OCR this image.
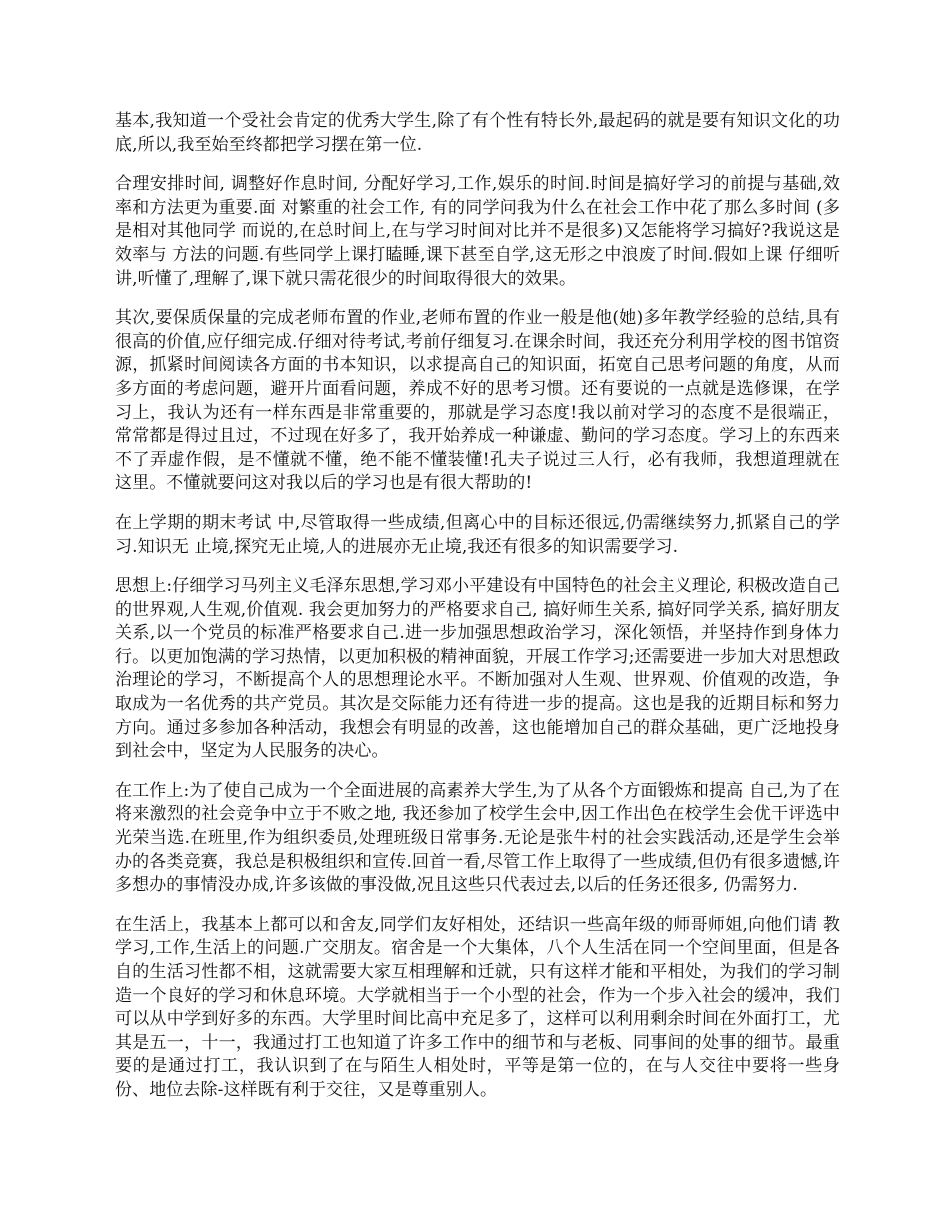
基本,我知道一个受社会肯定的优秀大学生,除了有个性有特长外,最起码的就是要有知识文化的功底,所以,我至始至终都把学习摆在第一位.

合理安排时间, 调整好作息时间, 分配好学习,工作,娱乐的时间.时间是搞好学习的前提与基础,效率和方法更为重要.面 对繁重的社会工作, 有的同学问我为什么在社会工作中花了那么多时间 (多是相对其他同学 而说的,在总时间上,在与学习时间对比并不是很多)又怎能将学习搞好?我说这是效率与 方法的问题.有些同学上课打瞌睡,课下甚至自学,这无形之中浪废了时间.假如上课 仔细听讲,听懂了,理解了,课下就只需花很少的时间取得很大的效果。

其次,要保质保量的完成老师布置的作业,老师布置的作业一般是他(她)多年教学经验的总结,具有很高的价值,应仔细完成.仔细对待考试,考前仔细复习.在课余时间，我还充分利用学校的图书馆资源，抓紧时间阅读各方面的书本知识，以求提高自己的知识面，拓宽自己思考问题的角度，从而多方面的考虑问题，避开片面看问题，养成不好的思考习惯。还有要说的一点就是选修课，在学习上，我认为还有一样东西是非常重要的，那就是学习态度!我以前对学习的态度不是很端正，常常都是得过且过，不过现在好多了，我开始养成一种谦虚、勤问的学习态度。学习上的东西来不了弄虚作假，是不懂就不懂，绝不能不懂装懂!孔夫子说过三人行，必有我师，我想道理就在这里。不懂就要问这对我以后的学习也是有很大帮助的!

在上学期的期末考试 中,尽管取得一些成绩,但离心中的目标还很远,仍需继续努力,抓紧自己的学习.知识无 止境,探究无止境,人的进展亦无止境,我还有很多的知识需要学习.

思想上:仔细学习马列主义毛泽东思想,学习邓小平建设有中国特色的社会主义理论, 积极改造自己的世界观,人生观,价值观. 我会更加努力的严格要求自己, 搞好师生关系, 搞好同学关系, 搞好朋友关系,以一个党员的标准严格要求自己.进一步加强思想政治学习，深化领悟，并坚持作到身体力行。以更加饱满的学习热情，以更加积极的精神面貌，开展工作学习;还需要进一步加大对思想政治理论的学习，不断提高个人的思想理论水平。不断加强对人生观、世界观、价值观的改造，争取成为一名优秀的共产党员。其次是交际能力还有待进一步的提高。这也是我的近期目标和努力方向。通过多参加各种活动，我想会有明显的改善，这也能增加自己的群众基础，更广泛地投身到社会中，坚定为人民服务的决心。

在工作上:为了使自己成为一个全面进展的高素养大学生,为了从各个方面锻炼和提高 自己,为了在将来激烈的社会竞争中立于不败之地, 我还参加了校学生会中,因工作出色在校学生会优干评选中光荣当选.在班里,作为组织委员,处理班级日常事务.无论是张牛村的社会实践活动,还是学生会举办的各类竞赛，我总是积极组织和宣传.回首一看,尽管工作上取得了一些成绩,但仍有很多遗憾,许多想办的事情没办成,许多该做的事没做,况且这些只代表过去,以后的任务还很多, 仍需努力.

在生活上，我基本上都可以和舍友,同学们友好相处，还结识一些高年级的师哥师姐,向他们请 教学习,工作,生活上的问题.广交朋友。宿舍是一个大集体，八个人生活在同一个空间里面，但是各自的生活习性都不相，这就需要大家互相理解和迁就，只有这样才能和平相处，为我们的学习制造一个良好的学习和休息环境。大学就相当于一个小型的社会，作为一个步入社会的缓冲，我们可以从中学到好多的东西。大学里时间比高中充足多了，这样可以利用剩余时间在外面打工，尤其是五一，十一，我通过打工也知道了许多工作中的细节和与老板、同事间的处事的细节。最重要的是通过打工，我认识到了在与陌生人相处时，平等是第一位的，在与人交往中要将一些身份、地位去除-这样既有利于交往，又是尊重别人。
